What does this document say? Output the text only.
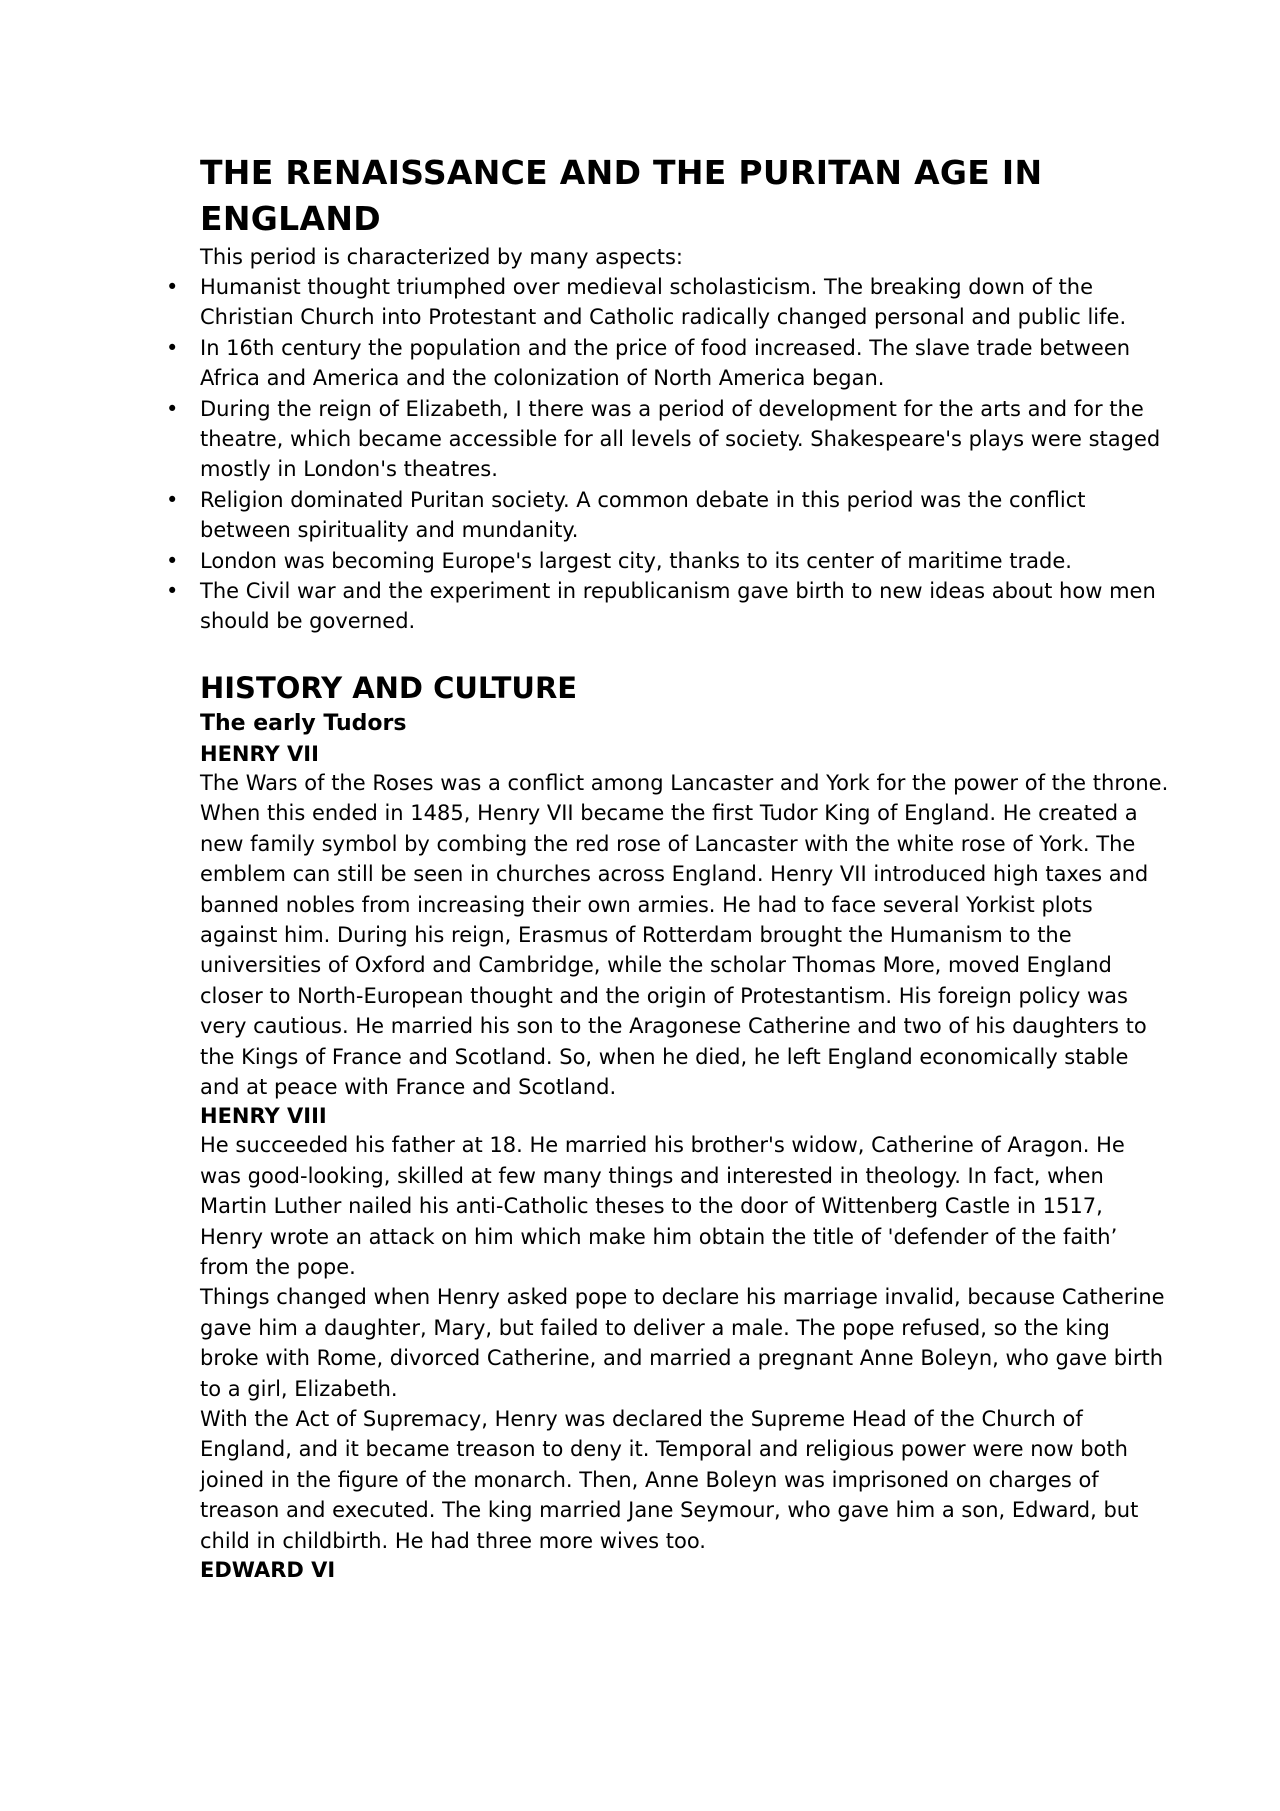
THE RENAISSANCE AND THE PURITAN AGE IN ENGLAND

This period is characterized by many aspects:

• Humanist thought triumphed over medieval scholasticism. The breaking down of the Christian Church into Protestant and Catholic radically changed personal and public life.
• In 16th century the population and the price of food increased. The slave trade between Africa and America and the colonization of North America began.
• During the reign of Elizabeth, I there was a period of development for the arts and for the theatre, which became accessible for all levels of society. Shakespeare's plays were staged mostly in London's theatres.
• Religion dominated Puritan society. A common debate in this period was the conflict between spirituality and mundanity.
• London was becoming Europe's largest city, thanks to its center of maritime trade.
• The Civil war and the experiment in republicanism gave birth to new ideas about how men should be governed.
HISTORY AND CULTURE
The early Tudors
HENRY VII

The Wars of the Roses was a conflict among Lancaster and York for the power of the throne. When this ended in 1485, Henry VII became the first Tudor King of England. He created a new family symbol by combing the red rose of Lancaster with the white rose of York. The emblem can still be seen in churches across England. Henry VII introduced high taxes and banned nobles from increasing their own armies. He had to face several Yorkist plots against him. During his reign, Erasmus of Rotterdam brought the Humanism to the universities of Oxford and Cambridge, while the scholar Thomas More, moved England closer to North-European thought and the origin of Protestantism. His foreign policy was very cautious. He married his son to the Aragonese Catherine and two of his daughters to the Kings of France and Scotland. So, when he died, he left England economically stable and at peace with France and Scotland.

HENRY VIII

He succeeded his father at 18. He married his brother's widow, Catherine of Aragon. He was good-looking, skilled at few many things and interested in theology. In fact, when Martin Luther nailed his anti-Catholic theses to the door of Wittenberg Castle in 1517, Henry wrote an attack on him which make him obtain the title of 'defender of the faith’ from the pope.

Things changed when Henry asked pope to declare his marriage invalid, because Catherine gave him a daughter, Mary, but failed to deliver a male. The pope refused, so the king broke with Rome, divorced Catherine, and married a pregnant Anne Boleyn, who gave birth to a girl, Elizabeth.

With the Act of Supremacy, Henry was declared the Supreme Head of the Church of England, and it became treason to deny it. Temporal and religious power were now both joined in the figure of the monarch. Then, Anne Boleyn was imprisoned on charges of treason and executed. The king married Jane Seymour, who gave him a son, Edward, but child in childbirth. He had three more wives too.

EDWARD VI
